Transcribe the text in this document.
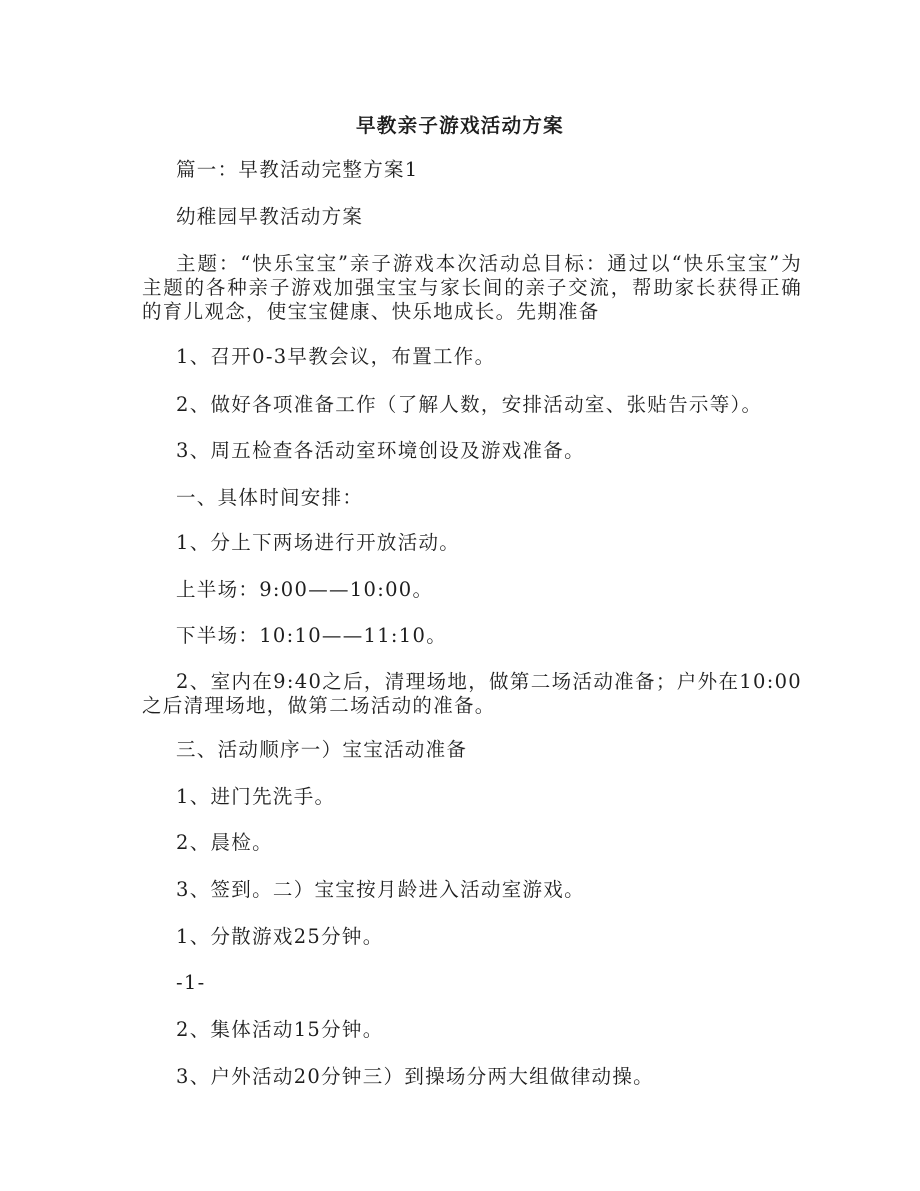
早教亲子游戏活动方案

篇一：早教活动完整方案1

幼稚园早教活动方案

主题：“快乐宝宝”亲子游戏本次活动总目标：通过以“快乐宝宝”为主题的各种亲子游戏加强宝宝与家长间的亲子交流，帮助家长获得正确的育儿观念，使宝宝健康、快乐地成长。先期准备

1、召开0-3早教会议，布置工作。

2、做好各项准备工作（了解人数，安排活动室、张贴告示等）。

3、周五检查各活动室环境创设及游戏准备。

一、具体时间安排：

1、分上下两场进行开放活动。

上半场：9:00——10:00。

下半场：10:10——11:10。

2、室内在9:40之后，清理场地，做第二场活动准备；户外在10:00之后清理场地，做第二场活动的准备。

三、活动顺序一）宝宝活动准备

1、进门先洗手。

2、晨检。

3、签到。二）宝宝按月龄进入活动室游戏。

1、分散游戏25分钟。

-1-

2、集体活动15分钟。

3、户外活动20分钟三）到操场分两大组做律动操。
